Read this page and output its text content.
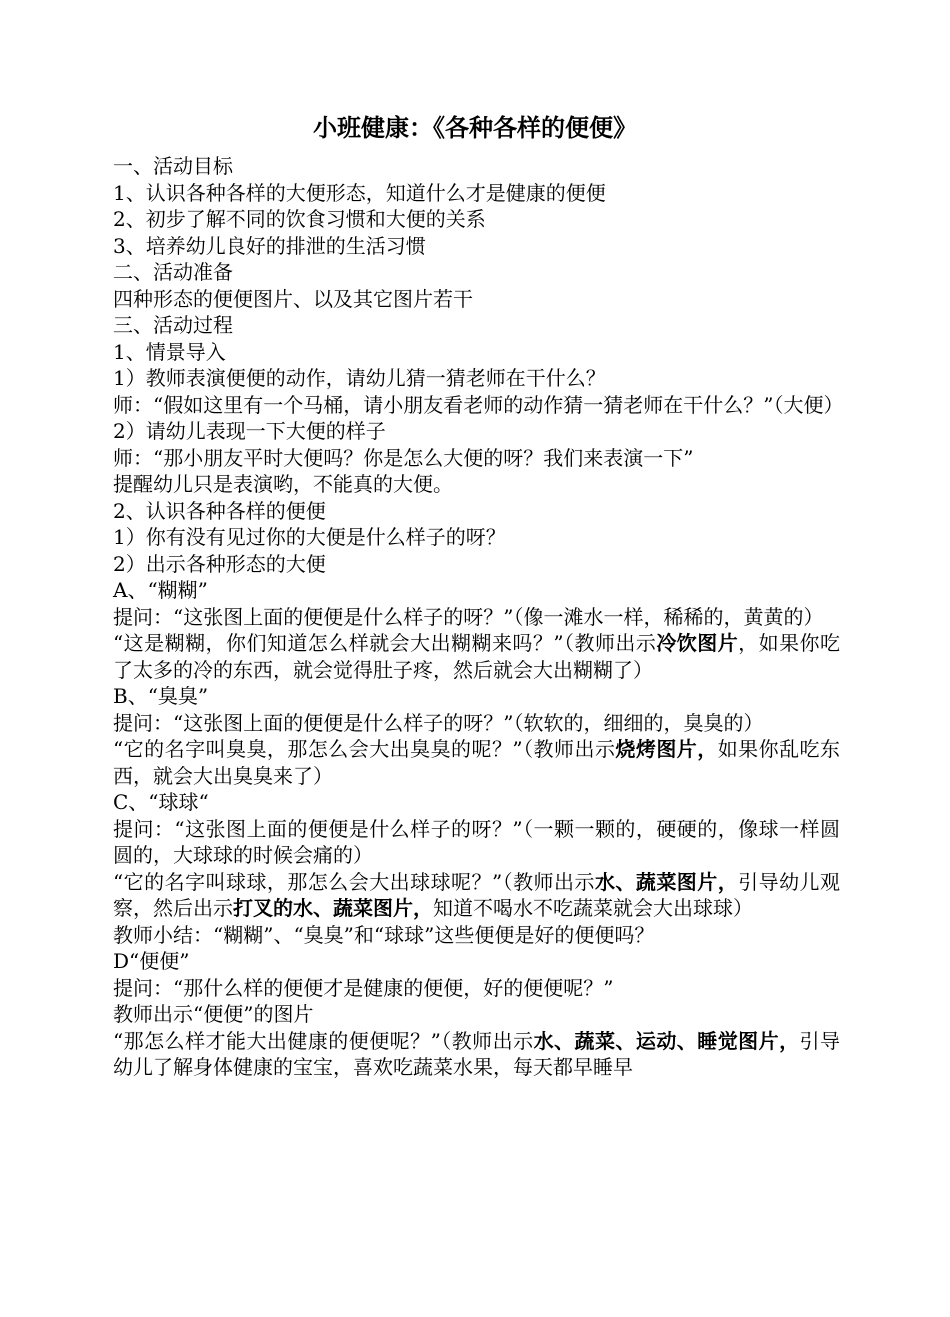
小班健康：《各种各样的便便》

一、活动目标

1、认识各种各样的大便形态，知道什么才是健康的便便

2、初步了解不同的饮食习惯和大便的关系

3、培养幼儿良好的排泄的生活习惯

二、活动准备

四种形态的便便图片、以及其它图片若干

三、活动过程

1、情景导入

1）教师表演便便的动作，请幼儿猜一猜老师在干什么？

师：“假如这里有一个马桶，请小朋友看老师的动作猜一猜老师在干什么？”（大便）

2）请幼儿表现一下大便的样子

师：“那小朋友平时大便吗？你是怎么大便的呀？我们来表演一下”

提醒幼儿只是表演哟，不能真的大便。

2、认识各种各样的便便

1）你有没有见过你的大便是什么样子的呀？

2）出示各种形态的大便

A、“糊糊”

提问：“这张图上面的便便是什么样子的呀？”（像一滩水一样，稀稀的，黄黄的）

“这是糊糊，你们知道怎么样就会大出糊糊来吗？”（教师出示冷饮图片，如果你吃了太多的冷的东西，就会觉得肚子疼，然后就会大出糊糊了）

B、“臭臭”

提问：“这张图上面的便便是什么样子的呀？”（软软的，细细的，臭臭的）

“它的名字叫臭臭，那怎么会大出臭臭的呢？”（教师出示烧烤图片，如果你乱吃东西，就会大出臭臭来了）

C、“球球“

提问：“这张图上面的便便是什么样子的呀？”（一颗一颗的，硬硬的，像球一样圆圆的，大球球的时候会痛的）

“它的名字叫球球，那怎么会大出球球呢？”（教师出示水、蔬菜图片，引导幼儿观察，然后出示打叉的水、蔬菜图片，知道不喝水不吃蔬菜就会大出球球）

教师小结：“糊糊”、“臭臭”和“球球”这些便便是好的便便吗？

D“便便”

提问：“那什么样的便便才是健康的便便，好的便便呢？”

教师出示“便便”的图片

“那怎么样才能大出健康的便便呢？”（教师出示水、蔬菜、运动、睡觉图片，引导幼儿了解身体健康的宝宝，喜欢吃蔬菜水果，每天都早睡早
